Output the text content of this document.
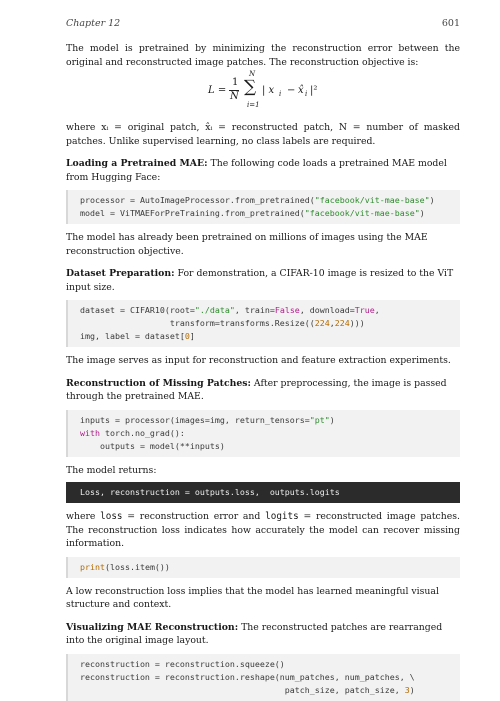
Chapter 12	601

The model is pretrained by minimizing the reconstruction error between the original and reconstructed image patches. The reconstruction objective is:

L =
1
N
N
∑
i=1
| x i − x̂ i |²

where xᵢ = original patch, x̂ᵢ = reconstructed patch, N = number of masked patches. Unlike supervised learning, no class labels are required.

Loading a Pretrained MAE: The following code loads a pretrained MAE model from Hugging Face:

processor = AutoImageProcessor.from_pretrained("facebook/vit-mae-base")
model = ViTMAEForPreTraining.from_pretrained("facebook/vit-mae-base")

The model has already been pretrained on millions of images using the MAE reconstruction objective.

Dataset Preparation: For demonstration, a CIFAR-10 image is resized to the ViT input size.

dataset = CIFAR10(root="./data", train=False, download=True,
transform=transforms.Resize((224,224)))
img, label = dataset[0]

The image serves as input for reconstruction and feature extraction experiments.

Reconstruction of Missing Patches: After preprocessing, the image is passed through the pretrained MAE.

inputs = processor(images=img, return_tensors="pt")
with torch.no_grad():
outputs = model(**inputs)

The model returns:

Loss, reconstruction = outputs.loss,  outputs.logits

where loss = reconstruction error and logits = reconstructed image patches. The reconstruction loss indicates how accurately the model can recover missing information.

print(loss.item())

A low reconstruction loss implies that the model has learned meaningful visual structure and context.

Visualizing MAE Reconstruction: The reconstructed patches are rearranged into the original image layout.

reconstruction = reconstruction.squeeze()
reconstruction = reconstruction.reshape(num_patches, num_patches, \
patch_size, patch_size, 3)
